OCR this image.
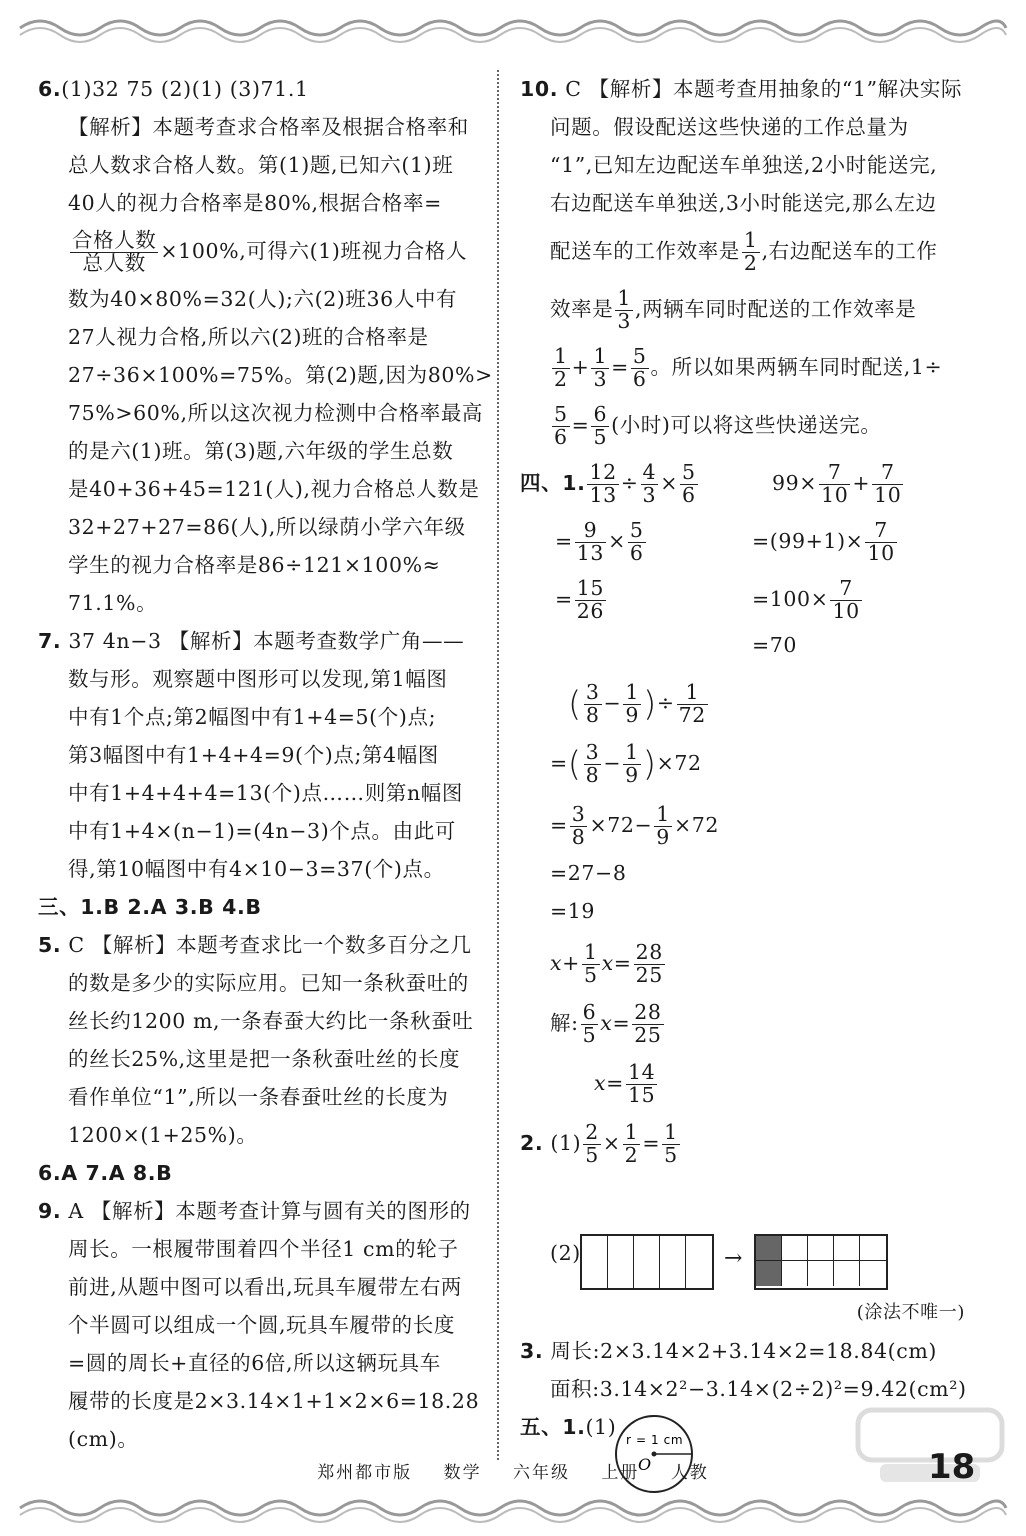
6.(1)32 75 (2)(1) (3)71.1
【解析】本题考查求合格率及根据合格率和
总人数求合格人数。第(1)题,已知六(1)班
40人的视力合格率是80%,根据合格率=
合格人数
总人数 ×100%,可得六(1)班视力合格人
数为40×80%=32(人);六(2)班36人中有
27人视力合格,所以六(2)班的合格率是
27÷36×100%=75%。第(2)题,因为80%>
75%>60%,所以这次视力检测中合格率最高
的是六(1)班。第(3)题,六年级的学生总数
是40+36+45=121(人),视力合格总人数是
32+27+27=86(人),所以绿荫小学六年级
学生的视力合格率是86÷121×100%≈
71.1%。
7. 37 4n−3 【解析】本题考查数学广角——
数与形。观察题中图形可以发现,第1幅图
中有1个点;第2幅图中有1+4=5(个)点;
第3幅图中有1+4+4=9(个)点;第4幅图
中有1+4+4+4=13(个)点……则第n幅图
中有1+4×(n−1)=(4n−3)个点。由此可
得,第10幅图中有4×10−3=37(个)点。
三、1.B 2.A 3.B 4.B
5. C 【解析】本题考查求比一个数多百分之几
的数是多少的实际应用。已知一条秋蚕吐的
丝长约1200 m,一条春蚕大约比一条秋蚕吐
的丝长25%,这里是把一条秋蚕吐丝的长度
看作单位“1”,所以一条春蚕吐丝的长度为
1200×(1+25%)。
6.A 7.A 8.B
9. A 【解析】本题考查计算与圆有关的图形的
周长。一根履带围着四个半径1 cm的轮子
前进,从题中图可以看出,玩具车履带左右两
个半圆可以组成一个圆,玩具车履带的长度
=圆的周长+直径的6倍,所以这辆玩具车
履带的长度是2×3.14×1+1×2×6=18.28
(cm)。
10. C 【解析】本题考查用抽象的“1”解决实际
问题。假设配送这些快递的工作总量为
“1”,已知左边配送车单独送,2小时能送完,
右边配送车单独送,3小时能送完,那么左边
配送车的工作效率是 $\frac{1}{2}$ ,右边配送车的工作
效率是 $\frac{1}{3}$ ,两辆车同时配送的工作效率是
$\frac{1}{2} + \frac{1}{3} = \frac{5}{6}$ 。所以如果两辆车同时配送,1÷
$\frac{5}{6} = \frac{6}{5}$ (小时)可以将这些快递送完。
四、1. $\frac{12}{13} \div \frac{4}{3} \times \frac{5}{6}$
= $\frac{9}{13} \times \frac{5}{6}$
= $\frac{15}{26}$
$99\times \frac{7}{10} + \frac{7}{10}$
$=(99+1)\times \frac{7}{10}$
$=100\times \frac{7}{10}$
=70
( $\frac{3}{8} - \frac{1}{9}$ )÷ $\frac{1}{72}$
=( $\frac{3}{8} - \frac{1}{9} )\times 72$
= $\frac{3}{8} \times 72- \frac{1}{9} \times 72$
=27−8
=19
$x+ \frac{1}{5} x= \frac{28}{25}$
解: $\frac{6}{5} x= \frac{28}{25}$
$x= \frac{14}{15}$
2. $(1) \frac{2}{5} \times \frac{1}{2} = \frac{1}{5}$
(2)	→
(涂法不唯一)
3. 周长:2×3.14×2+3.14×2=18.84(cm)
面积:3.14×2²−3.14×(2÷2)²=9.42(cm²)
五、1.(1)
r = 1 cm
O
郑州都市版 数学 六年级 上册 人教	18
